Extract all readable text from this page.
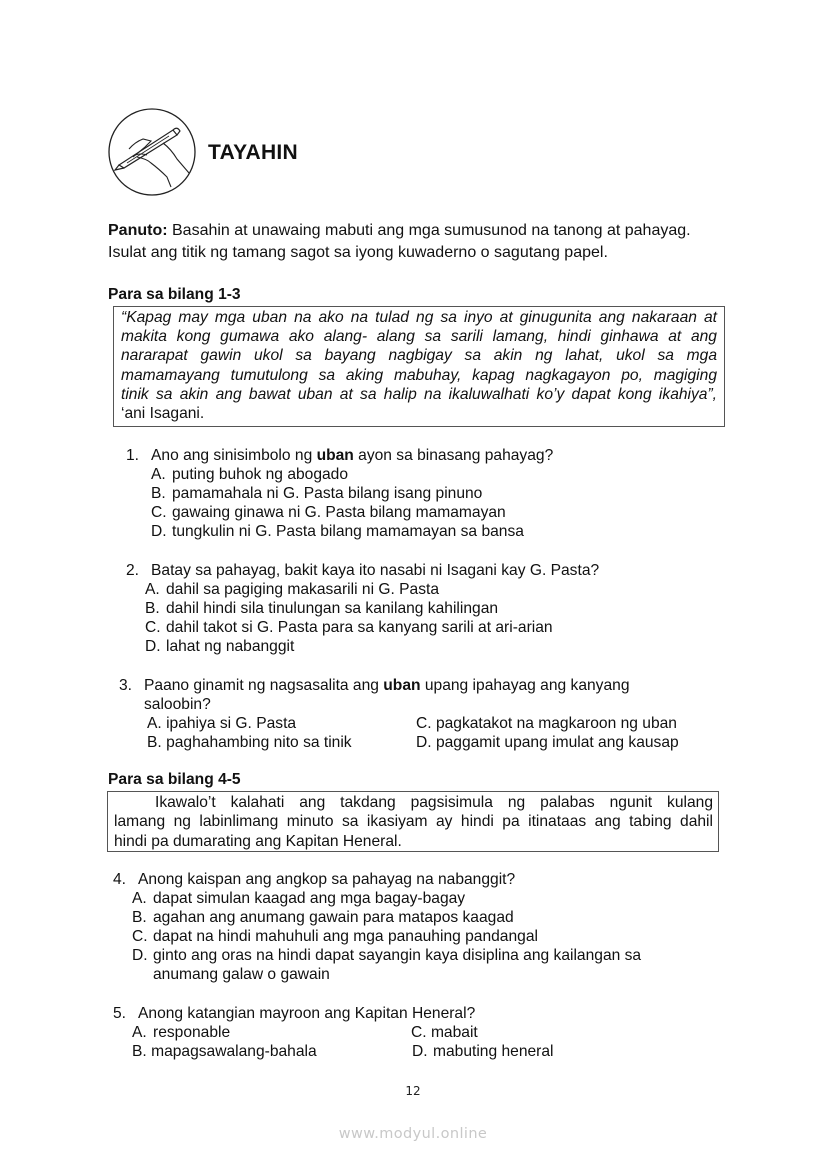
TAYAHIN
Panuto: Basahin at unawaing mabuti ang mga sumusunod na tanong at pahayag.
Isulat ang titik ng tamang sagot sa iyong kuwaderno o sagutang papel.
Para sa bilang 1-3
“Kapag may mga uban na ako na tulad ng sa inyo at ginugunita ang nakaraan at
makita kong gumawa ako alang- alang sa sarili lamang, hindi ginhawa at ang
nararapat gawin ukol sa bayang nagbigay sa akin ng lahat, ukol sa mga
mamamayang tumutulong sa aking mabuhay, kapag nagkagayon po, magiging
tinik sa akin ang bawat uban at sa halip na ikaluwalhati ko’y dapat kong ikahiya”,
‘ani Isagani.
1. Ano ang sinisimbolo ng uban ayon sa binasang pahayag?
A. puting buhok ng abogado
B. pamamahala ni G. Pasta bilang isang pinuno
C. gawaing ginawa ni G. Pasta bilang mamamayan
D. tungkulin ni G. Pasta bilang mamamayan sa bansa
2. Batay sa pahayag, bakit kaya ito nasabi ni Isagani kay G. Pasta?
A. dahil sa pagiging makasarili ni G. Pasta
B. dahil hindi sila tinulungan sa kanilang kahilingan
C. dahil takot si G. Pasta para sa kanyang sarili at ari-arian
D. lahat ng nabanggit
3. Paano ginamit ng nagsasalita ang uban upang ipahayag ang kanyang
saloobin?
A. ipahiya si G. Pasta
B. paghahambing nito sa tinik
C. pagkatakot na magkaroon ng uban
D. paggamit upang imulat ang kausap
Para sa bilang 4-5
Ikawalo’t kalahati ang takdang pagsisimula ng palabas ngunit kulang
lamang ng labinlimang minuto sa ikasiyam ay hindi pa itinataas ang tabing dahil
hindi pa dumarating ang Kapitan Heneral.
4. Anong kaispan ang angkop sa pahayag na nabanggit?
A. dapat simulan kaagad ang mga bagay-bagay
B. agahan ang anumang gawain para matapos kaagad
C. dapat na hindi mahuhuli ang mga panauhing pandangal
D. ginto ang oras na hindi dapat sayangin kaya disiplina ang kailangan sa
anumang galaw o gawain
5. Anong katangian mayroon ang Kapitan Heneral?
A. responable
B. mapagsawalang-bahala
C. mabait
D. mabuting heneral
12
www.modyul.online
